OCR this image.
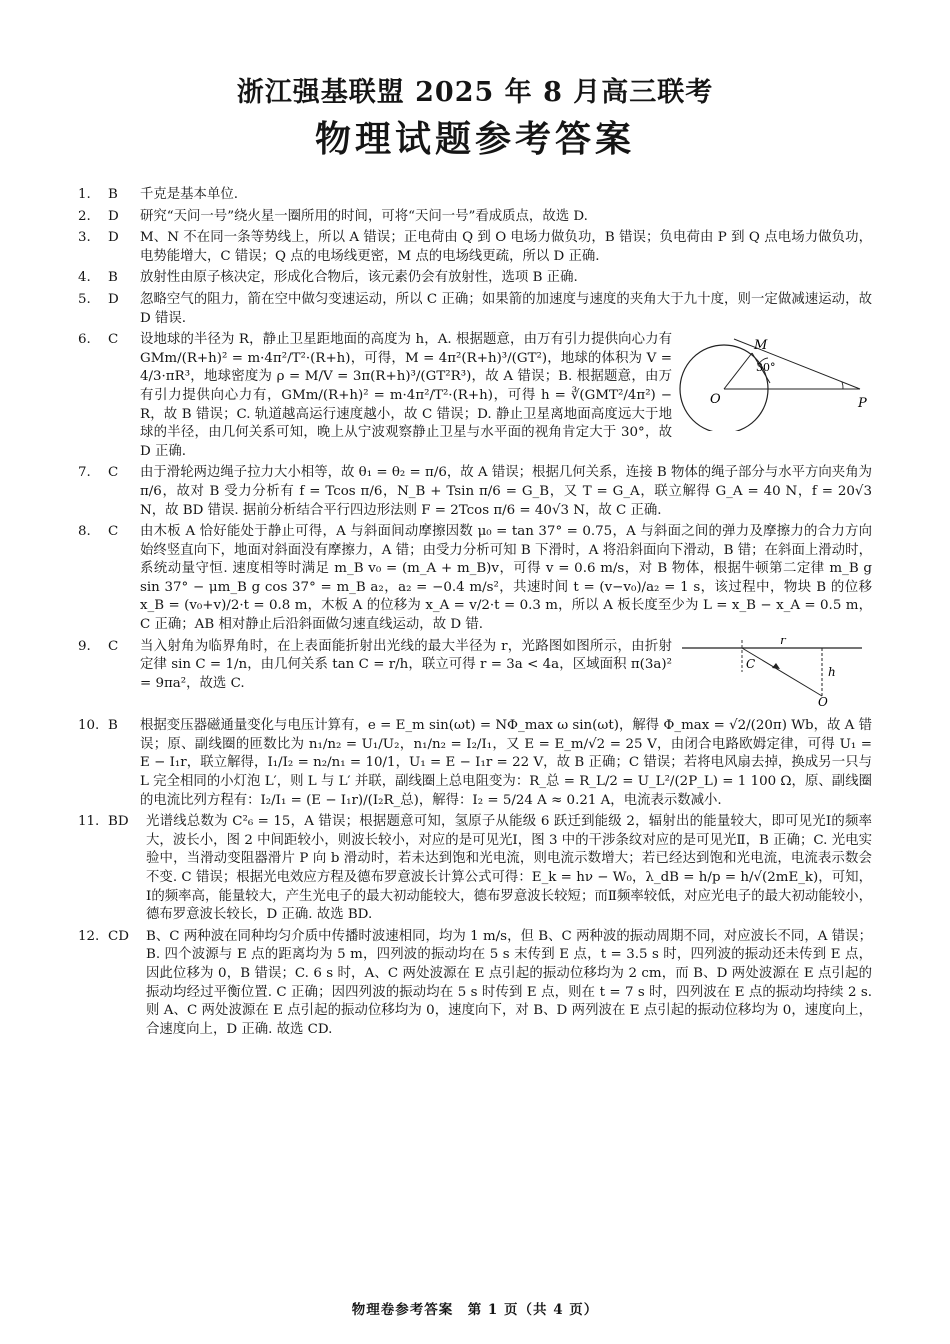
浙江强基联盟 2025 年 8 月高三联考
物理试题参考答案
1.	B	千克是基本单位.
2.	D	研究“天问一号”绕火星一圈所用的时间，可将“天问一号”看成质点，故选 D.
3.	D	M、N 不在同一条等势线上，所以 A 错误；正电荷由 Q 到 O 电场力做负功，B 错误；负电荷由 P 到 Q 点电场力做负功，电势能增大，C 错误；Q 点的电场线更密，M 点的电场线更疏，所以 D 正确.
4.	B	放射性由原子核决定，形成化合物后，该元素仍会有放射性，选项 B 正确.
5.	D	忽略空气的阻力，箭在空中做匀变速运动，所以 C 正确；如果箭的加速度与速度的夹角大于九十度，则一定做减速运动，故 D 错误.
6.	C	设地球的半径为 R，静止卫星距地面的高度为 h，A. 根据题意，由万有引力提供向心力有 GMm/(R+h)² = m·4π²/T²·(R+h)，可得，M = 4π²(R+h)³/(GT²)，地球的体积为 V = 4/3·πR³，地球密度为 ρ = M/V = 3π(R+h)³/(GT²R³)，故 A 错误；B. 根据题意，由万有引力提供向心力有，GMm/(R+h)² = m·4π²/T²·(R+h)，可得 h = ∛(GMT²/4π²) − R，故 B 错误；C. 轨道越高运行速度越小，故 C 错误；D. 静止卫星离地面高度远大于地球的半径，由几何关系可知，晚上从宁波观察静止卫星与水平面的视角肯定大于 30°，故 D 正确.
M
O	P
30°
7.	C	由于滑轮两边绳子拉力大小相等，故 θ₁ = θ₂ = π/6，故 A 错误；根据几何关系，连接 B 物体的绳子部分与水平方向夹角为 π/6，故对 B 受力分析有 f = Tcos π/6，N_B + Tsin π/6 = G_B，又 T = G_A，联立解得 G_A = 40 N，f = 20√3 N，故 BD 错误. 据前分析结合平行四边形法则 F = 2Tcos π/6 = 40√3 N，故 C 正确.
8.	C	由木板 A 恰好能处于静止可得，A 与斜面间动摩擦因数 μ₀ = tan 37° = 0.75，A 与斜面之间的弹力及摩擦力的合力方向始终竖直向下，地面对斜面没有摩擦力，A 错；由受力分析可知 B 下滑时，A 将沿斜面向下滑动，B 错；在斜面上滑动时，系统动量守恒. 速度相等时满足 m_B v₀ = (m_A + m_B)v，可得 v = 0.6 m/s，对 B 物体，根据牛顿第二定律 m_B g sin 37° − μm_B g cos 37° = m_B a₂，a₂ = −0.4 m/s²，共速时间 t = (v−v₀)/a₂ = 1 s，该过程中，物块 B 的位移 x_B = (v₀+v)/2·t = 0.8 m，木板 A 的位移为 x_A = v/2·t = 0.3 m，所以 A 板长度至少为 L = x_B − x_A = 0.5 m，C 正确；AB 相对静止后沿斜面做匀速直线运动，故 D 错.
9.	C	当入射角为临界角时，在上表面能折射出光线的最大半径为 r，光路图如图所示，由折射定律 sin C = 1/n，由几何关系 tan C = r/h，联立可得 r = 3a < 4a，区域面积 π(3a)² = 9πa²，故选 C.
r
C
h
O
10. B	根据变压器磁通量变化与电压计算有，e = E_m sin(ωt) = NΦ_max ω sin(ωt)，解得 Φ_max = √2/(20π) Wb，故 A 错误；原、副线圈的匝数比为 n₁/n₂ = U₁/U₂，n₁/n₂ = I₂/I₁，又 E = E_m/√2 = 25 V，由闭合电路欧姆定律，可得 U₁ = E − I₁r，联立解得，I₁/I₂ = n₂/n₁ = 10/1，U₁ = E − I₁r = 22 V，故 B 正确；C 错误；若将电风扇去掉，换成另一只与 L 完全相同的小灯泡 L′，则 L 与 L′ 并联，副线圈上总电阻变为：R_总 = R_L/2 = U_L²/(2P_L) = 1 100 Ω，原、副线圈的电流比列方程有：I₂/I₁ = (E − I₁r)/(I₂R_总)，解得：I₂ = 5/24 A ≈ 0.21 A，电流表示数减小.
11. BD	光谱线总数为 C²₆ = 15，A 错误；根据题意可知，氢原子从能级 6 跃迁到能级 2，辐射出的能量较大，即可见光Ⅰ的频率大，波长小，图 2 中间距较小，则波长较小，对应的是可见光Ⅰ，图 3 中的干涉条纹对应的是可见光Ⅱ，B 正确；C. 光电实验中，当滑动变阻器滑片 P 向 b 滑动时，若未达到饱和光电流，则电流示数增大；若已经达到饱和光电流，电流表示数会不变. C 错误；根据光电效应方程及德布罗意波长计算公式可得：E_k = hν − W₀，λ_dB = h/p = h/√(2mE_k)，可知，Ⅰ的频率高，能量较大，产生光电子的最大初动能较大，德布罗意波长较短；而Ⅱ频率较低，对应光电子的最大初动能较小，德布罗意波长较长，D 正确. 故选 BD.
12. CD	B、C 两种波在同种均匀介质中传播时波速相同，均为 1 m/s，但 B、C 两种波的振动周期不同，对应波长不同，A 错误；B. 四个波源与 E 点的距离均为 5 m，四列波的振动均在 5 s 末传到 E 点，t = 3.5 s 时，四列波的振动还未传到 E 点，因此位移为 0，B 错误；C. 6 s 时，A、C 两处波源在 E 点引起的振动位移均为 2 cm，而 B、D 两处波源在 E 点引起的振动均经过平衡位置. C 正确；因四列波的振动均在 5 s 时传到 E 点，则在 t = 7 s 时，四列波在 E 点的振动均持续 2 s. 则 A、C 两处波源在 E 点引起的振动位移均为 0，速度向下，对 B、D 两列波在 E 点引起的振动位移均为 0，速度向上，合速度向上，D 正确. 故选 CD.
物理卷参考答案　第 1 页（共 4 页）
